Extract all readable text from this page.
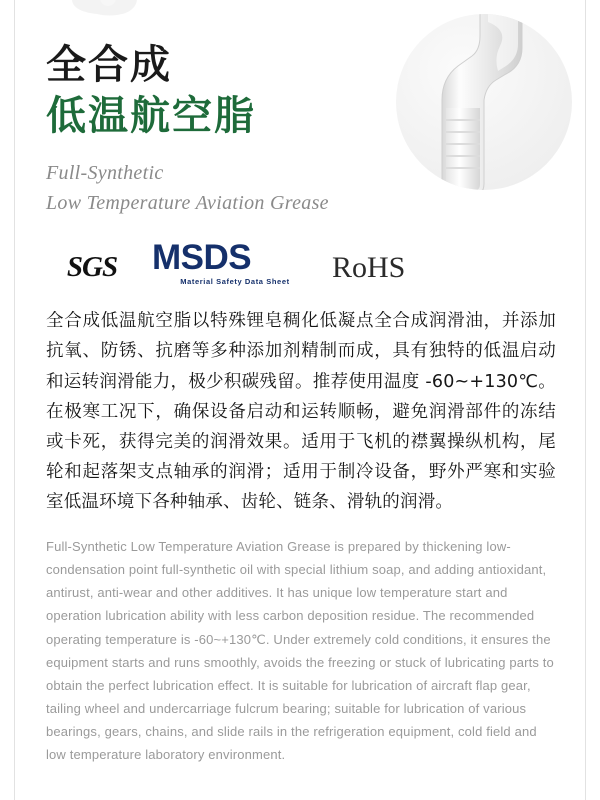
全合成
低温航空脂
Full-Synthetic
Low Temperature Aviation Grease
SGS MSDS
Material Safety Data Sheet	RoHS

全合成低温航空脂以特殊锂皂稠化低凝点全合成润滑油，并添加抗氧、防锈、抗磨等多种添加剂精制而成，具有独特的低温启动和运转润滑能力，极少积碳残留。推荐使用温度 -60~+130℃。在极寒工况下，确保设备启动和运转顺畅，避免润滑部件的冻结或卡死，获得完美的润滑效果。适用于飞机的襟翼操纵机构，尾轮和起落架支点轴承的润滑；适用于制冷设备，野外严寒和实验室低温环境下各种轴承、齿轮、链条、滑轨的润滑。

Full-Synthetic Low Temperature Aviation Grease is prepared by thickening low-condensation point full-synthetic oil with special lithium soap, and adding antioxidant, antirust, anti-wear and other additives. It has unique low temperature start and operation lubrication ability with less carbon deposition residue. The recommended operating temperature is -60~+130℃. Under extremely cold conditions, it ensures the equipment starts and runs smoothly, avoids the freezing or stuck of lubricating parts to obtain the perfect lubrication effect. It is suitable for lubrication of aircraft flap gear, tailing wheel and undercarriage fulcrum bearing; suitable for lubrication of various bearings, gears, chains, and slide rails in the refrigeration equipment, cold field and low temperature laboratory environment.
